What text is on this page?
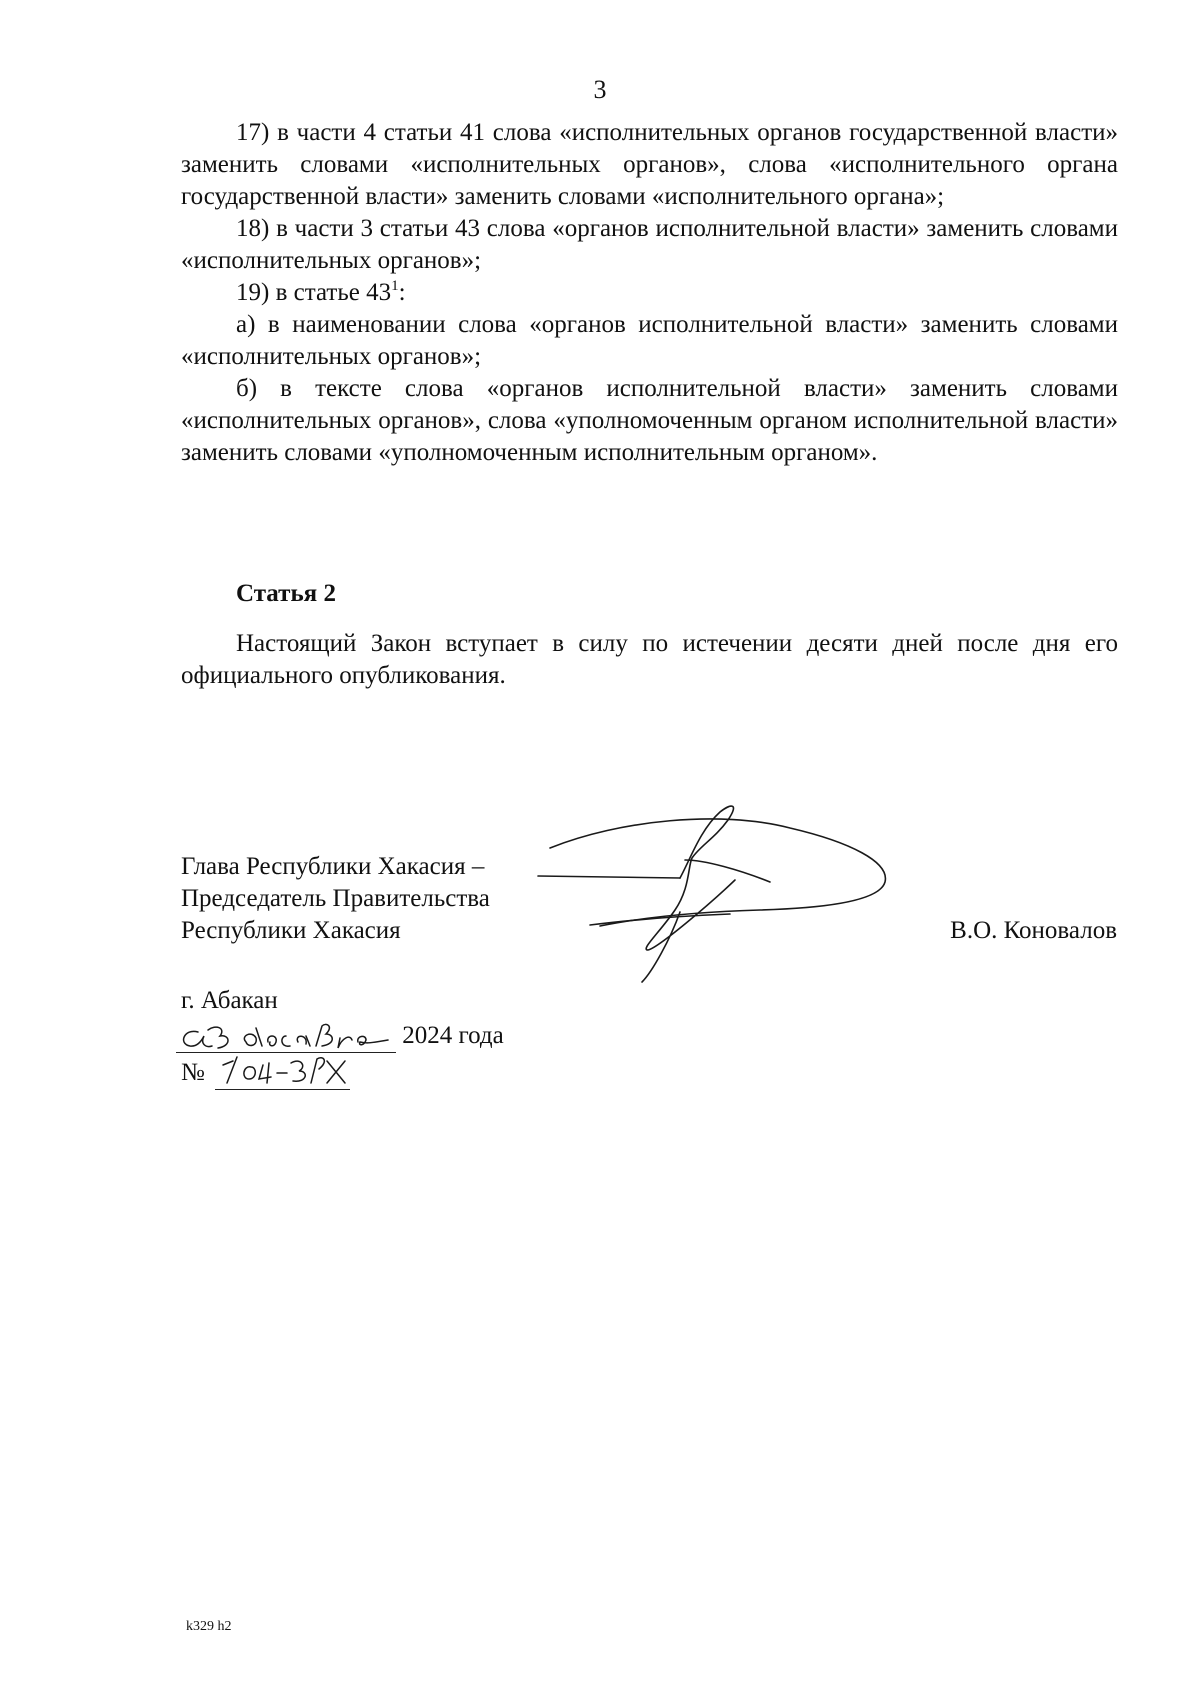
3

17) в части 4 статьи 41 слова «исполнительных органов государственной власти» заменить словами «исполнительных органов», слова «исполнительного органа государственной власти» заменить словами «исполнительного органа»;

18) в части 3 статьи 43 слова «органов исполнительной власти» заменить словами «исполнительных органов»;

19) в статье $43^1$:

а) в наименовании слова «органов исполнительной власти» заменить словами «исполнительных органов»;

б) в тексте слова «органов исполнительной власти» заменить словами «исполнительных органов», слова «уполномоченным органом исполнительной власти» заменить словами «уполномоченным исполнительным органом».

Статья 2

Настоящий Закон вступает в силу по истечении десяти дней после дня его официального опубликования.

Глава Республики Хакасия –
Председатель Правительства
Республики Хакасия	В.О. Коновалов
г. Абакан
2024 года
№
k329 h2
